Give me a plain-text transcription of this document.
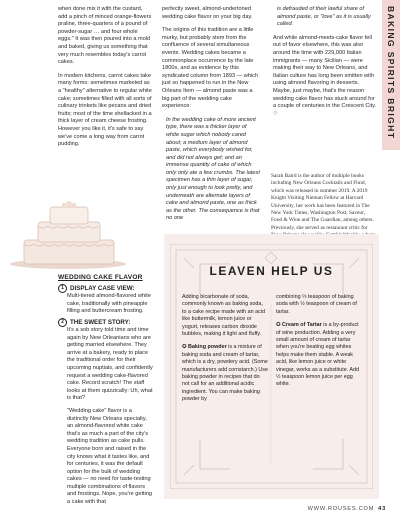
BAKING SPIRITS BRIGHT

when done mix it with the custard, add a pinch of minced orange-flowers praline, three-quarters of a pound of powder-sugar … and four whole eggs." It was then poured into a mold and baked, giving us something that very much resembles today's carrot cakes.

In modern kitchens, carrot cakes take many forms: sometimes marketed as a "healthy" alternative to regular white cake; sometimes filled with all sorts of culinary trinkets like pecans and dried fruits; most of the time shellacked in a thick layer of cream cheese frosting. However you like it, it's safe to say we've come a long way from carrot pudding.

perfectly sweet, almond-undertoned wedding cake flavor on your big day.

The origins of this tradition are a little murky, but probably stem from the confluence of several simultaneous events. Wedding cakes became a commonplace occurrence by the late 1800s, and as evidence by this syndicated column from 1893 — which just so happened to run in the New Orleans Item — almond paste was a big part of the wedding cake experience:

In the wedding cake of more ancient type, there was a thicker layer of white sugar which nobody cared about; a medium layer of almond paste, which everybody wished for, and did not always get; and an immense quantity of cake of which only only ate a few crumbs. The latest specimen has a thin layer of sugar, only just enough to look pretty, and underneath are alternate layers of cake and almond paste, one as thick as the other. The consequence is that no one

is defrauded of their lawful share of almond paste, or "love" as it is usually called.

And while almond-meets-cake flavor fell out of favor elsewhere, this was also around the time with 229,000 Italian immigrants — many Sicilian — were making their way to New Orleans, and Italian culture has long been smitten with using almond flavoring in desserts. Maybe, just maybe, that's the reason wedding cake flavor has stuck around for a couple of centuries in the Crescent City. ⟐

Sarah Baird is the author of multiple books including New Orleans Cocktails and Fluid, which was released in summer 2019. A 2019 Knight Visiting Nieman Fellow at Harvard University, her work has been featured in The New York Times, Washington Post, Saveur, Food & Wine and The Guardian, among others. Previously, she served as restaurant critic for
WEDDING CAKE FLAVOR
1 DISPLAY CASE VIEW:
Multi-tiered almond-flavored white cake, traditionally with pineapple filling and buttercream frosting.
2 THE SWEET STORY:

It's a sob story told time and time again by New Orleanians who are getting married elsewhere. They arrive at a bakery, ready to place the traditional order for their upcoming nuptials, and confidently request a wedding cake-flavored cake. Record scratch! The staff looks at them quizzically: Uh, what is that?

"Wedding cake" flavor is a distinctly New Orleans specialty, an almond-flavored white cake that's as much a part of the city's wedding tradition as cake pulls. Everyone born and raised in the city knows what it tastes like, and for centuries, it was the default option for the bulk of wedding cakes — no need for taste-testing multiple combinations of flavors and frostings. Nope, you're getting a cake with that

LEAVEN HELP US

Adding bicarbonate of soda, commonly known as baking soda, to a cake recipe made with an acid like buttermilk, lemon juice or yogurt, releases carbon dioxide bubbles, making it light and fluffy.

✪ Baking powder is a mixture of baking soda and cream of tartar, which is a dry, powdery acid. (Some manufacturers add cornstarch.) Use baking powder in recipes that do not call for an additional acidic ingredient. You can make baking powder by

combining ½ teaspoon of baking soda with ½ teaspoon of cream of tartar.

✪ Cream of Tartar is a by-product of wine production. Adding a very small amount of cream of tartar when you're beating egg whites helps make them stable. A weak acid, like lemon juice or white vinegar, works as a substitute. Add ½ teaspoon lemon juice per egg white.

WWW.ROUSES.COM 43
